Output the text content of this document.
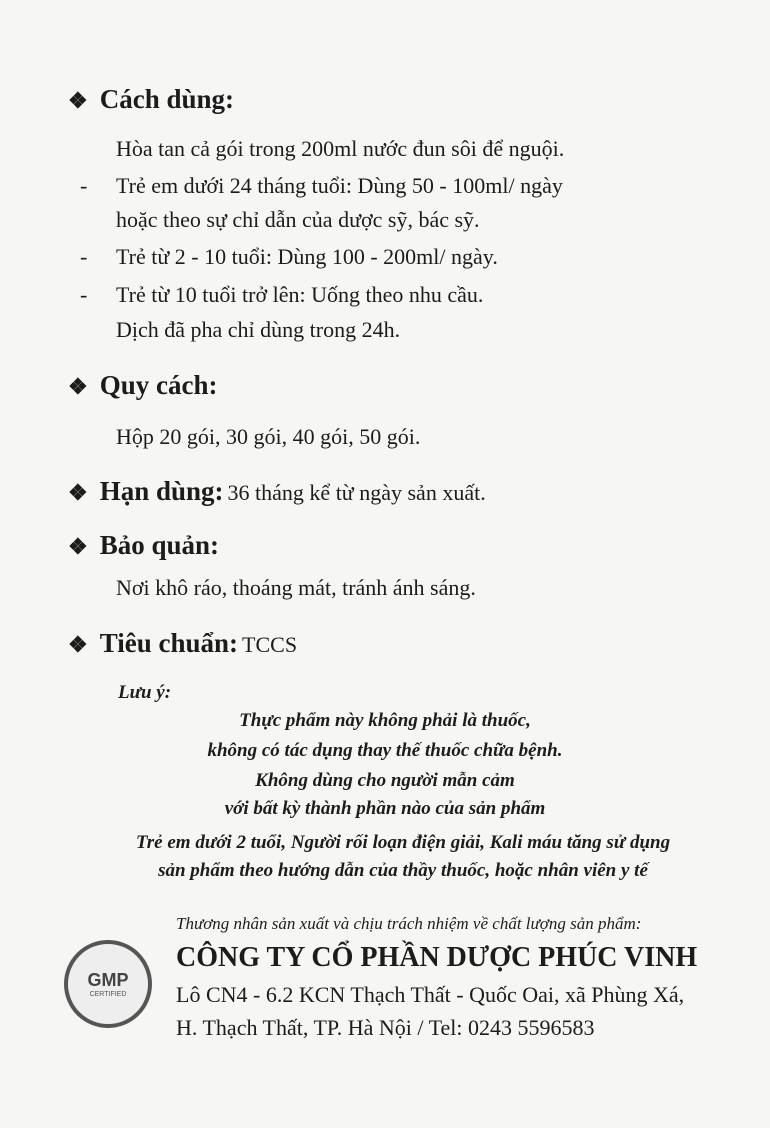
❖ Cách dùng:
Hòa tan cả gói trong 200ml nước đun sôi để nguội.
- Trẻ em dưới 24 tháng tuổi: Dùng 50 - 100ml/ ngày
hoặc theo sự chỉ dẫn của dược sỹ, bác sỹ.
- Trẻ từ 2 - 10 tuổi: Dùng 100 - 200ml/ ngày.
- Trẻ từ 10 tuổi trở lên: Uống theo nhu cầu.
Dịch đã pha chỉ dùng trong 24h.
❖ Quy cách:
Hộp 20 gói, 30 gói, 40 gói, 50 gói.
❖ Hạn dùng: 36 tháng kể từ ngày sản xuất.
❖ Bảo quản:
Nơi khô ráo, thoáng mát, tránh ánh sáng.
❖ Tiêu chuẩn: TCCS
Lưu ý:
Thực phẩm này không phải là thuốc,
không có tác dụng thay thế thuốc chữa bệnh.
Không dùng cho người mẫn cảm
với bất kỳ thành phần nào của sản phẩm
Trẻ em dưới 2 tuổi, Người rối loạn điện giải, Kali máu tăng sử dụng
sản phẩm theo hướng dẫn của thầy thuốc, hoặc nhân viên y tế
Thương nhân sản xuất và chịu trách nhiệm về chất lượng sản phẩm:
GMP
CERTIFIED
CÔNG TY CỔ PHẦN DƯỢC PHÚC VINH
Lô CN4 - 6.2 KCN Thạch Thất - Quốc Oai, xã Phùng Xá,
H. Thạch Thất, TP. Hà Nội / Tel: 0243 5596583
